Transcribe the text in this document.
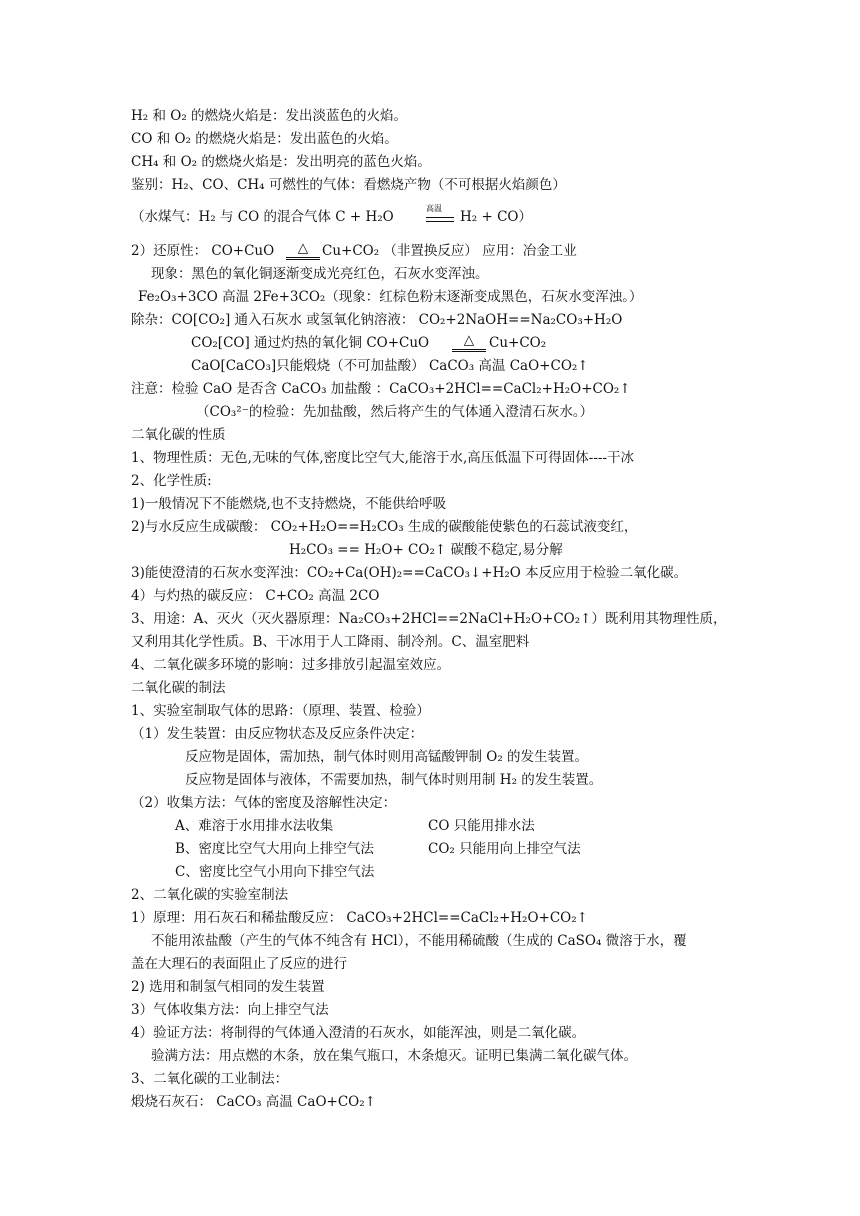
H₂ 和 O₂ 的燃烧火焰是：发出淡蓝色的火焰。
CO 和 O₂ 的燃烧火焰是：发出蓝色的火焰。
CH₄ 和 O₂ 的燃烧火焰是：发出明亮的蓝色火焰。
鉴别：H₂、CO、CH₄ 可燃性的气体：看燃烧产物（不可根据火焰颜色）
（水煤气：H₂ 与 CO 的混合气体 C + H₂O
高温
H₂ + CO）
2）还原性： CO+CuO	△	Cu+CO₂ （非置换反应） 应用：冶金工业
现象：黑色的氧化铜逐渐变成光亮红色，石灰水变浑浊。
Fe₂O₃+3CO 高温 2Fe+3CO₂（现象：红棕色粉末逐渐变成黑色，石灰水变浑浊。）
除杂：CO[CO₂] 通入石灰水 或氢氧化钠溶液： CO₂+2NaOH==Na₂CO₃+H₂O
CO₂[CO] 通过灼热的氧化铜 CO+CuO	△	Cu+CO₂
CaO[CaCO₃]只能煅烧（不可加盐酸） CaCO₃ 高温 CaO+CO₂↑
注意：检验 CaO 是否含 CaCO₃ 加盐酸 ：CaCO₃+2HCl==CaCl₂+H₂O+CO₂↑
（CO₃²⁻的检验：先加盐酸，然后将产生的气体通入澄清石灰水。）
二氧化碳的性质
1、物理性质：无色,无味的气体,密度比空气大,能溶于水,高压低温下可得固体----干冰
2、化学性质:
1)一般情况下不能燃烧,也不支持燃烧，不能供给呼吸
2)与水反应生成碳酸： CO₂+H₂O==H₂CO₃ 生成的碳酸能使紫色的石蕊试液变红，
H₂CO₃ == H₂O+ CO₂↑ 碳酸不稳定,易分解
3)能使澄清的石灰水变浑浊：CO₂+Ca(OH)₂==CaCO₃↓+H₂O 本反应用于检验二氧化碳。
4）与灼热的碳反应： C+CO₂ 高温 2CO
3、用途：A、灭火（灭火器原理：Na₂CO₃+2HCl==2NaCl+H₂O+CO₂↑）既利用其物理性质，
又利用其化学性质。B、干冰用于人工降雨、制冷剂。C、温室肥料
4、二氧化碳多环境的影响：过多排放引起温室效应。
二氧化碳的制法
1、实验室制取气体的思路：（原理、装置、检验）
（1）发生装置：由反应物状态及反应条件决定：
反应物是固体，需加热，制气体时则用高锰酸钾制 O₂ 的发生装置。
反应物是固体与液体，不需要加热，制气体时则用制 H₂ 的发生装置。
（2）收集方法：气体的密度及溶解性决定：
A、难溶于水用排水法收集	CO 只能用排水法
B、密度比空气大用向上排空气法	CO₂ 只能用向上排空气法
C、密度比空气小用向下排空气法
2、二氧化碳的实验室制法
1）原理：用石灰石和稀盐酸反应： CaCO₃+2HCl==CaCl₂+H₂O+CO₂↑
不能用浓盐酸（产生的气体不纯含有 HCl），不能用稀硫酸（生成的 CaSO₄ 微溶于水，覆
盖在大理石的表面阻止了反应的进行
2) 选用和制氢气相同的发生装置
3）气体收集方法：向上排空气法
4）验证方法：将制得的气体通入澄清的石灰水，如能浑浊，则是二氧化碳。
验满方法：用点燃的木条，放在集气瓶口，木条熄灭。证明已集满二氧化碳气体。
3、二氧化碳的工业制法：
煅烧石灰石： CaCO₃ 高温 CaO+CO₂↑
